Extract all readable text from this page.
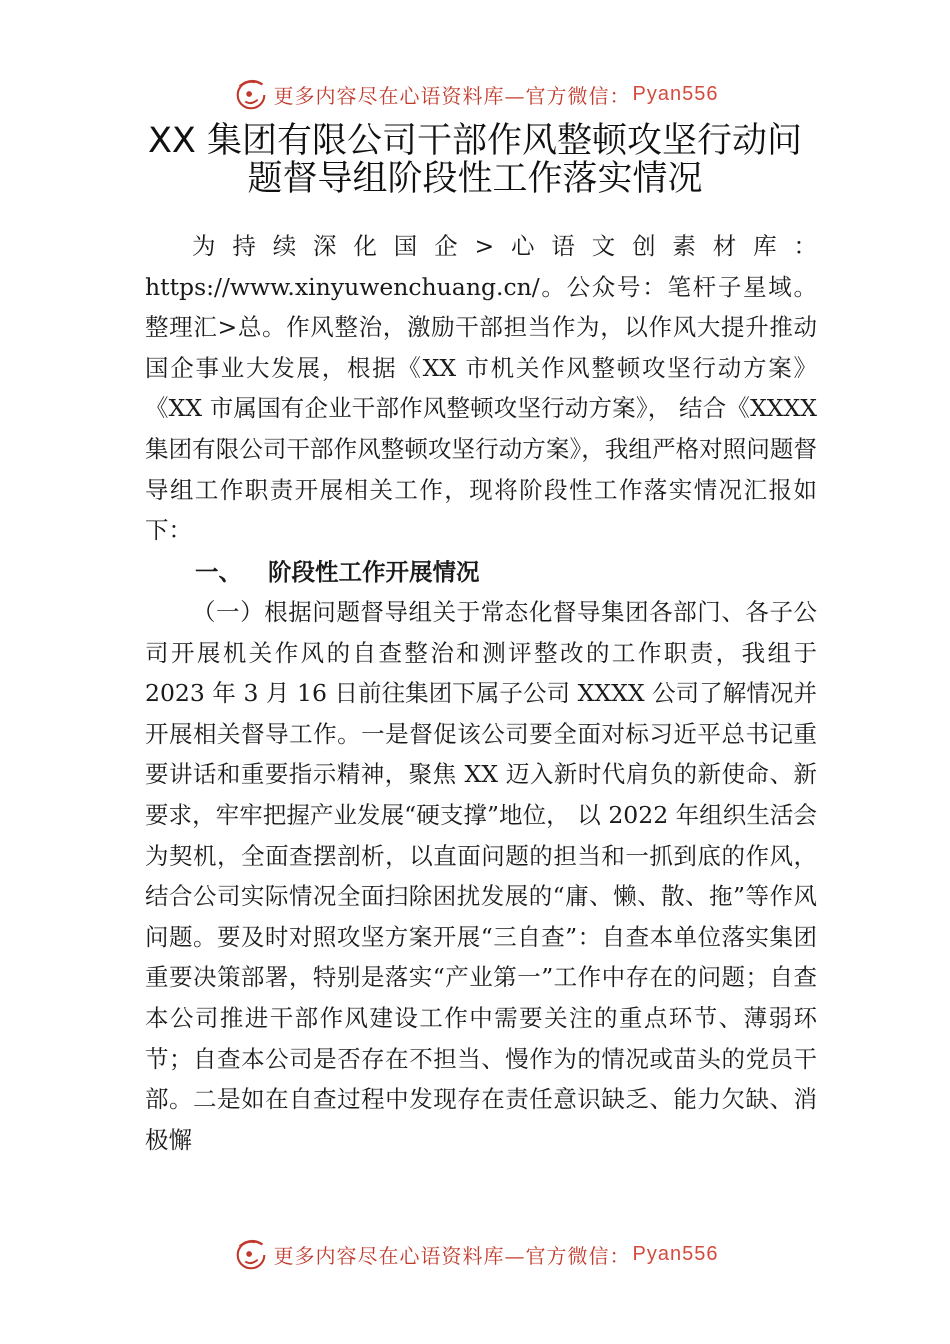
更多内容尽在心语资料库—官方微信： Pyan556
XX 集团有限公司干部作风整顿攻坚行动问
题督导组阶段性工作落实情况

为持续深化国企>心语文创素材库：https://www.xinyuwenchuang.cn/。公众号：笔杆子星域。整理汇>总。作风整治，激励干部担当作为，以作风大提升推动国企事业大发展，根据《XX 市机关作风整顿攻坚行动方案》《XX 市属国有企业干部作风整顿攻坚行动方案》， 结合《XXXX 集团有限公司干部作风整顿攻坚行动方案》，我组严格对照问题督导组工作职责开展相关工作，现将阶段性工作落实情况汇报如下：

一、 阶段性工作开展情况

（一）根据问题督导组关于常态化督导集团各部门、各子公司开展机关作风的自查整治和测评整改的工作职责，我组于 2023 年 3 月 16 日前往集团下属子公司 XXXX 公司了解情况并开展相关督导工作。一是督促该公司要全面对标习近平总书记重要讲话和重要指示精神，聚焦 XX 迈入新时代肩负的新使命、新要求，牢牢把握产业发展“硬支撑”地位， 以 2022 年组织生活会为契机，全面查摆剖析，以直面问题的担当和一抓到底的作风，结合公司实际情况全面扫除困扰发展的“庸、懒、散、拖”等作风问题。要及时对照攻坚方案开展“三自查”：自查本单位落实集团重要决策部署，特别是落实“产业第一”工作中存在的问题；自查本公司推进干部作风建设工作中需要关注的重点环节、薄弱环节；自查本公司是否存在不担当、慢作为的情况或苗头的党员干部。二是如在自查过程中发现存在责任意识缺乏、能力欠缺、消极懈

更多内容尽在心语资料库—官方微信： Pyan556
